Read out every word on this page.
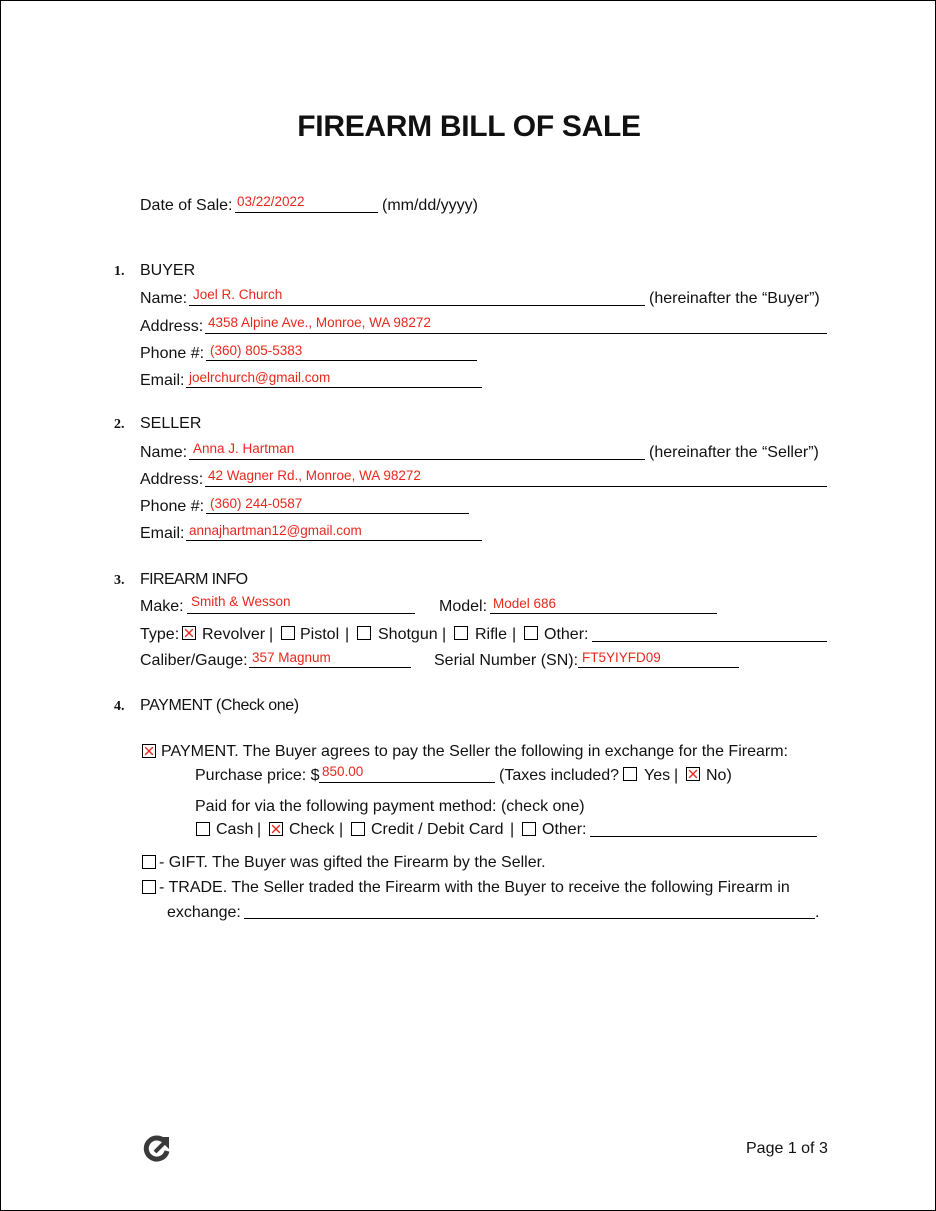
FIREARM BILL OF SALE
Date of Sale: 03/22/2022	(mm/dd/yyyy)
1. BUYER
Name: Joel R. Church	(hereinafter the “Buyer”)
Address: 4358 Alpine Ave., Monroe, WA 98272
Phone #: (360) 805-5383
Email: joelrchurch@gmail.com
2. SELLER
Name: Anna J. Hartman	(hereinafter the “Seller”)
Address: 42 Wagner Rd., Monroe, WA 98272
Phone #: (360) 244-0587
Email: annajhartman12@gmail.com
3. FIREARM INFO
Make: Smith & Wesson	Model: Model 686
Type: Revolver | Pistol | Shotgun | Rifle | Other:
Caliber/Gauge: 357 Magnum	Serial Number (SN): FT5YIYFD09
4. PAYMENT (Check one)
PAYMENT. The Buyer agrees to pay the Seller the following in exchange for the Firearm:
Purchase price: $ 850.00	(Taxes included? Yes | No)
Paid for via the following payment method: (check one)
Cash | Check | Credit / Debit Card | Other:
- GIFT. The Buyer was gifted the Firearm by the Seller.
- TRADE. The Seller traded the Firearm with the Buyer to receive the following Firearm in
exchange:	.
Page 1 of 3
